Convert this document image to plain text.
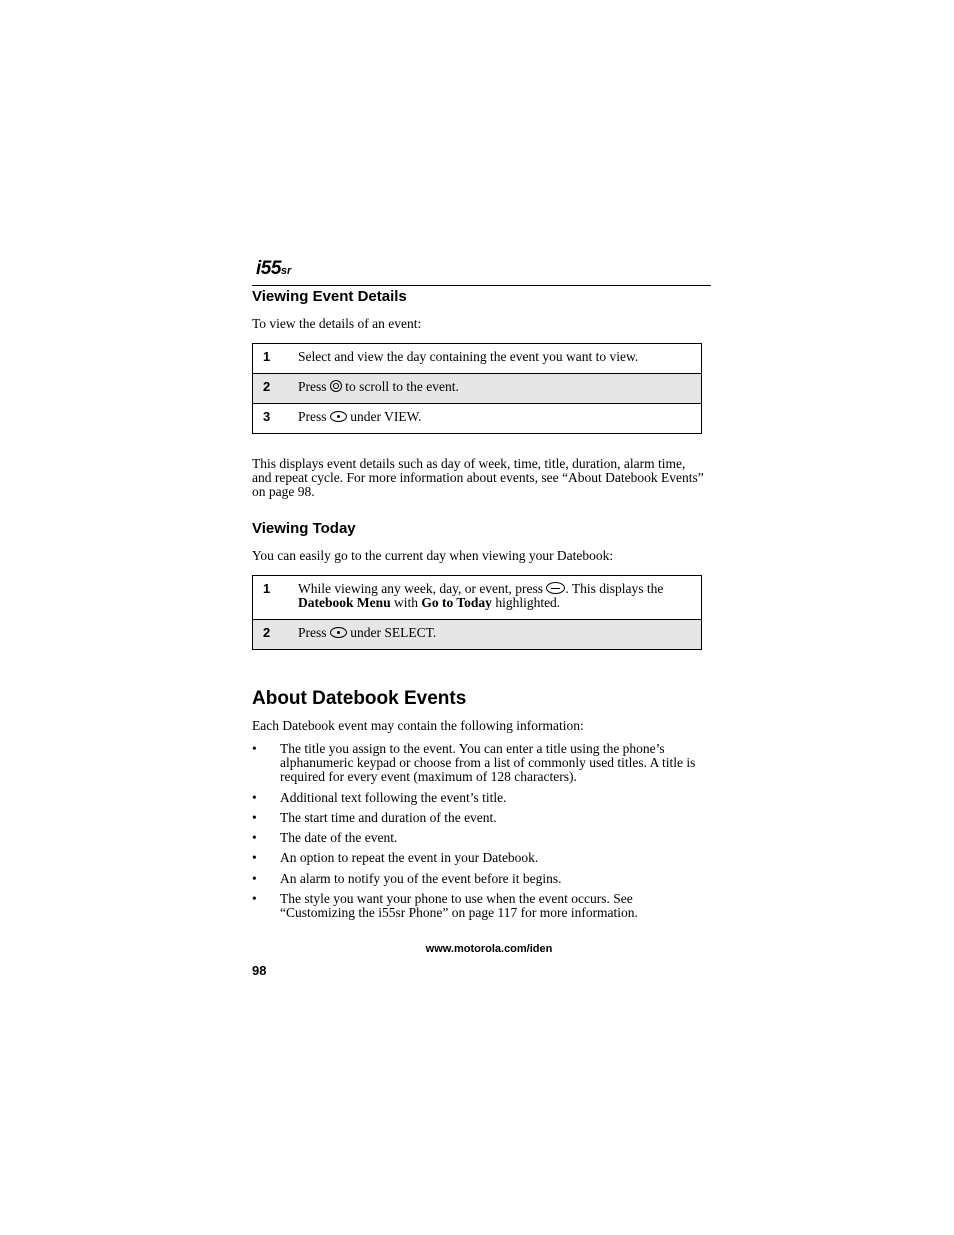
i55sr
Viewing Event Details
To view the details of an event:
1	Select and view the day containing the event you want to view.
2	Press to scroll to the event.
3	Press under VIEW.
This displays event details such as day of week, time, title, duration, alarm time, and repeat cycle. For more information about events, see “About Datebook Events” on page 98.
Viewing Today
You can easily go to the current day when viewing your Datebook:
1	While viewing any week, day, or event, press . This displays the Datebook Menu with Go to Today highlighted.
2	Press under SELECT.
About Datebook Events
Each Datebook event may contain the following information:
• The title you assign to the event. You can enter a title using the phone’s alphanumeric keypad or choose from a list of commonly used titles. A title is required for every event (maximum of 128 characters).
• Additional text following the event’s title.
• The start time and duration of the event.
• The date of the event.
• An option to repeat the event in your Datebook.
• An alarm to notify you of the event before it begins.
• The style you want your phone to use when the event occurs. See “Customizing the i55sr Phone” on page 117 for more information.
www.motorola.com/iden
98
